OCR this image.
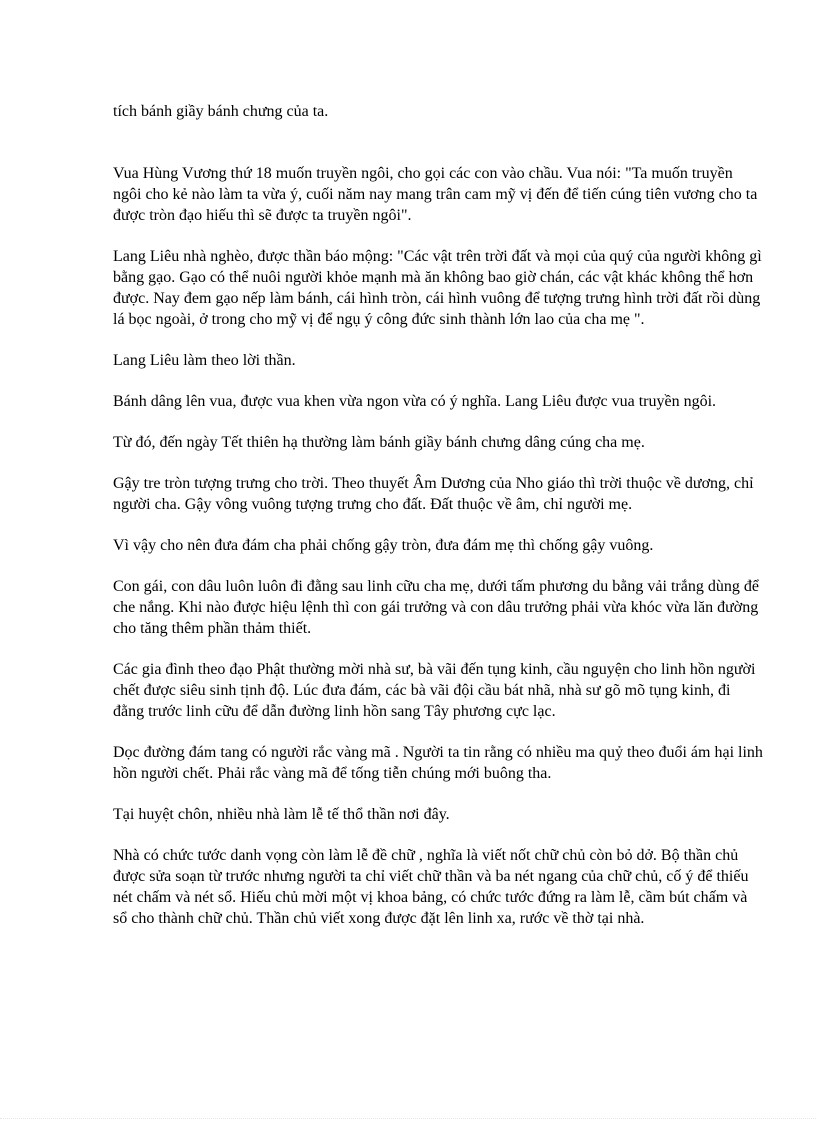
tích bánh giầy bánh chưng của ta.

Vua Hùng Vương thứ 18 muốn truyền ngôi, cho gọi các con vào chầu. Vua nói: "Ta muốn truyền ngôi cho kẻ nào làm ta vừa ý, cuối năm nay mang trân cam mỹ vị đến để tiến cúng tiên vương cho ta được tròn đạo hiếu thì sẽ được ta truyền ngôi".

Lang Liêu nhà nghèo, được thần báo mộng: "Các vật trên trời đất và mọi của quý của người không gì bằng gạo. Gạo có thể nuôi người khỏe mạnh mà ăn không bao giờ chán, các vật khác không thể hơn được. Nay đem gạo nếp làm bánh, cái hình tròn, cái hình vuông để tượng trưng hình trời đất rồi dùng lá bọc ngoài, ở trong cho mỹ vị để ngụ ý công đức sinh thành lớn lao của cha mẹ ".

Lang Liêu làm theo lời thần.

Bánh dâng lên vua, được vua khen vừa ngon vừa có ý nghĩa. Lang Liêu được vua truyền ngôi.

Từ đó, đến ngày Tết thiên hạ thường làm bánh giầy bánh chưng dâng cúng cha mẹ.

Gậy tre tròn tượng trưng cho trời. Theo thuyết Âm Dương của Nho giáo thì trời thuộc về dương, chỉ người cha. Gậy vông vuông tượng trưng cho đất. Đất thuộc về âm, chỉ người mẹ.

Vì vậy cho nên đưa đám cha phải chống gậy tròn, đưa đám mẹ thì chống gậy vuông.

Con gái, con dâu luôn luôn đi đằng sau linh cữu cha mẹ, dưới tấm phương du bằng vải trắng dùng để che nắng. Khi nào được hiệu lệnh thì con gái trưởng và con dâu trưởng phải vừa khóc vừa lăn đường cho tăng thêm phần thảm thiết.

Các gia đình theo đạo Phật thường mời nhà sư, bà vãi đến tụng kinh, cầu nguyện cho linh hồn người chết được siêu sinh tịnh độ. Lúc đưa đám, các bà vãi đội cầu bát nhã, nhà sư gõ mõ tụng kinh, đi đằng trước linh cữu để dẫn đường linh hồn sang Tây phương cực lạc.

Dọc đường đám tang có người rắc vàng mã . Người ta tin rằng có nhiều ma quỷ theo đuổi ám hại linh hồn người chết. Phải rắc vàng mã để tống tiễn chúng mới buông tha.

Tại huyệt chôn, nhiều nhà làm lễ tế thổ thần nơi đây.

Nhà có chức tước danh vọng còn làm lễ đề chữ , nghĩa là viết nốt chữ chủ còn bỏ dở. Bộ thần chủ được sửa soạn từ trước nhưng người ta chỉ viết chữ thần và ba nét ngang của chữ chủ, cố ý để thiếu nét chấm và nét sổ. Hiếu chủ mời một vị khoa bảng, có chức tước đứng ra làm lễ, cầm bút chấm và sổ cho thành chữ chủ. Thần chủ viết xong được đặt lên linh xa, rước về thờ tại nhà.
